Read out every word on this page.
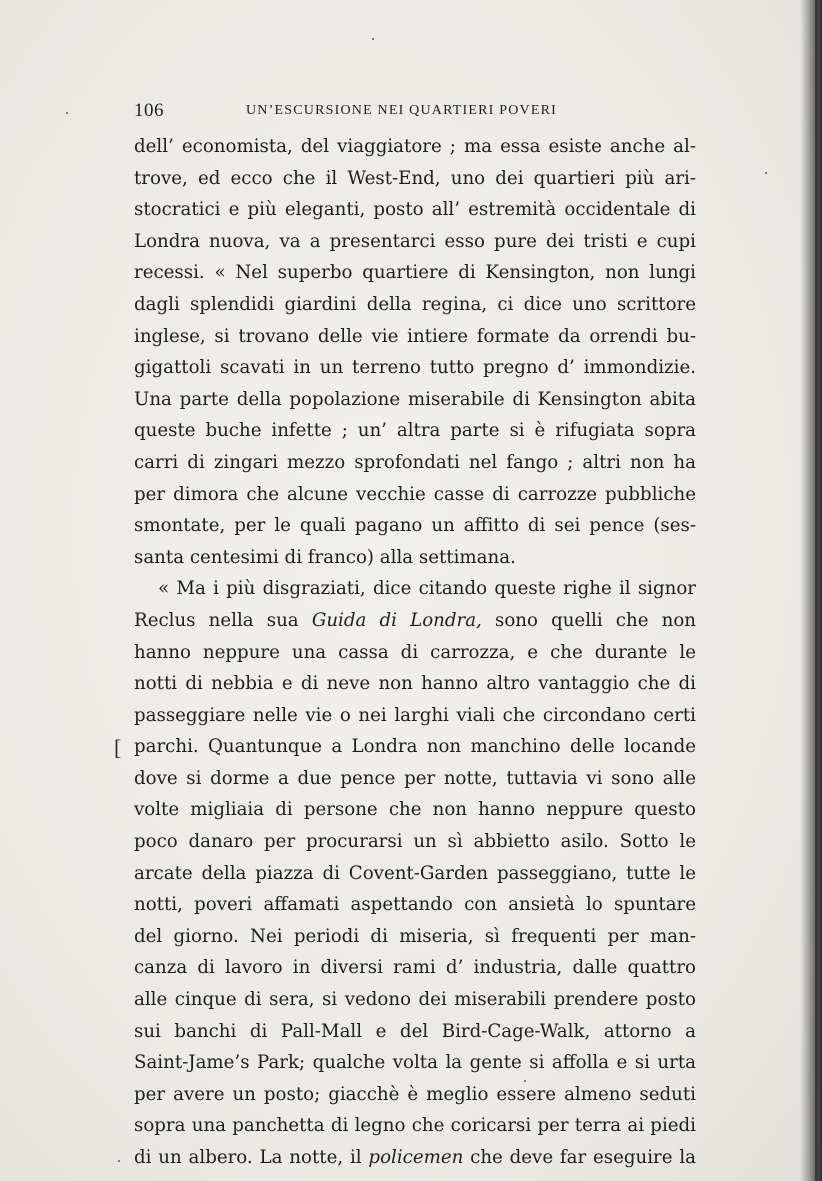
106	UN’ESCURSIONE NEI QUARTIERI POVERI
[
dell’ economista, del viaggiatore ; ma essa esiste anche al-
trove, ed ecco che il West-End, uno dei quartieri più ari-
stocratici e più eleganti, posto all’ estremità occidentale di
Londra nuova, va a presentarci esso pure dei tristi e cupi
recessi. « Nel superbo quartiere di Kensington, non lungi
dagli splendidi giardini della regina, ci dice uno scrittore
inglese, si trovano delle vie intiere formate da orrendi bu-
gigattoli scavati in un terreno tutto pregno d’ immondizie.
Una parte della popolazione miserabile di Kensington abita
queste buche infette ; un’ altra parte si è rifugiata sopra
carri di zingari mezzo sprofondati nel fango ; altri non ha
per dimora che alcune vecchie casse di carrozze pubbliche
smontate, per le quali pagano un affitto di sei pence (ses-
santa centesimi di franco) alla settimana.
« Ma i più disgraziati, dice citando queste righe il signor
Reclus nella sua Guida di Londra, sono quelli che non
hanno neppure una cassa di carrozza, e che durante le
notti di nebbia e di neve non hanno altro vantaggio che di
passeggiare nelle vie o nei larghi viali che circondano certi
parchi. Quantunque a Londra non manchino delle locande
dove si dorme a due pence per notte, tuttavia vi sono alle
volte migliaia di persone che non hanno neppure questo
poco danaro per procurarsi un sì abbietto asilo. Sotto le
arcate della piazza di Covent-Garden passeggiano, tutte le
notti, poveri affamati aspettando con ansietà lo spuntare
del giorno. Nei periodi di miseria, sì frequenti per man-
canza di lavoro in diversi rami d’ industria, dalle quattro
alle cinque di sera, si vedono dei miserabili prendere posto
sui banchi di Pall-Mall e del Bird-Cage-Walk, attorno a
Saint-Jame’s Park; qualche volta la gente si affolla e si urta
per avere un posto; giacchè è meglio essere almeno seduti
sopra una panchetta di legno che coricarsi per terra ai piedi
di un albero. La notte, il policemen che deve far eseguire la
